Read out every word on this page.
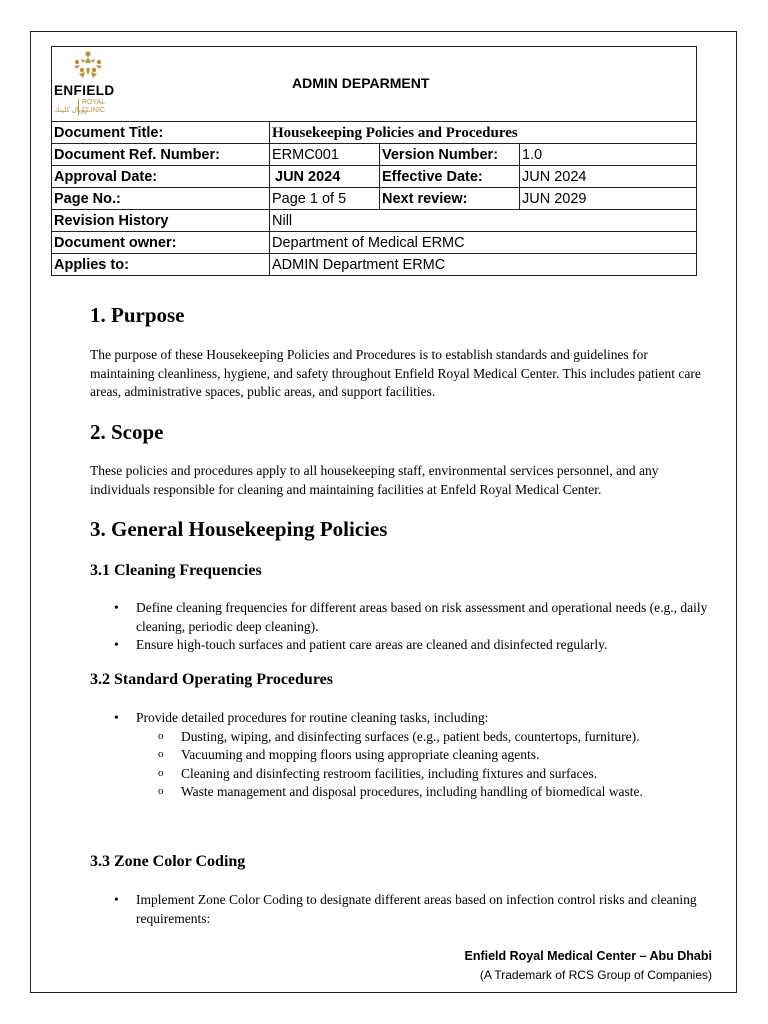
ENFIELD
رويال كلينك ROYAL
CLINIC
ADMIN DEPARMENT			

Document Title:	Housekeeping Policies and Procedures		
Document Ref. Number:	ERMC001	Version Number:	1.0
Approval Date:	JUN 2024	Effective Date:	JUN 2024
Page No.:	Page 1 of 5	Next review:	JUN 2029
Revision History	Nill		
Document owner:	Department of Medical ERMC		
Applies to:	ADMIN Department ERMC		
1. Purpose

The purpose of these Housekeeping Policies and Procedures is to establish standards and guidelines for maintaining cleanliness, hygiene, and safety throughout Enfield Royal Medical Center. This includes patient care areas, administrative spaces, public areas, and support facilities.

2. Scope

These policies and procedures apply to all housekeeping staff, environmental services personnel, and any individuals responsible for cleaning and maintaining facilities at Enfeld Royal Medical Center.

3. General Housekeeping Policies
3.1 Cleaning Frequencies
• Define cleaning frequencies for different areas based on risk assessment and operational needs (e.g., daily cleaning, periodic deep cleaning).
• Ensure high-touch surfaces and patient care areas are cleaned and disinfected regularly.
3.2 Standard Operating Procedures
• Provide detailed procedures for routine cleaning tasks, including:
o Dusting, wiping, and disinfecting surfaces (e.g., patient beds, countertops, furniture).
o Vacuuming and mopping floors using appropriate cleaning agents.
o Cleaning and disinfecting restroom facilities, including fixtures and surfaces.
o Waste management and disposal procedures, including handling of biomedical waste.
3.3 Zone Color Coding
• Implement Zone Color Coding to designate different areas based on infection control risks and cleaning requirements:
Enfield Royal Medical Center – Abu Dhabi
(A Trademark of RCS Group of Companies)
